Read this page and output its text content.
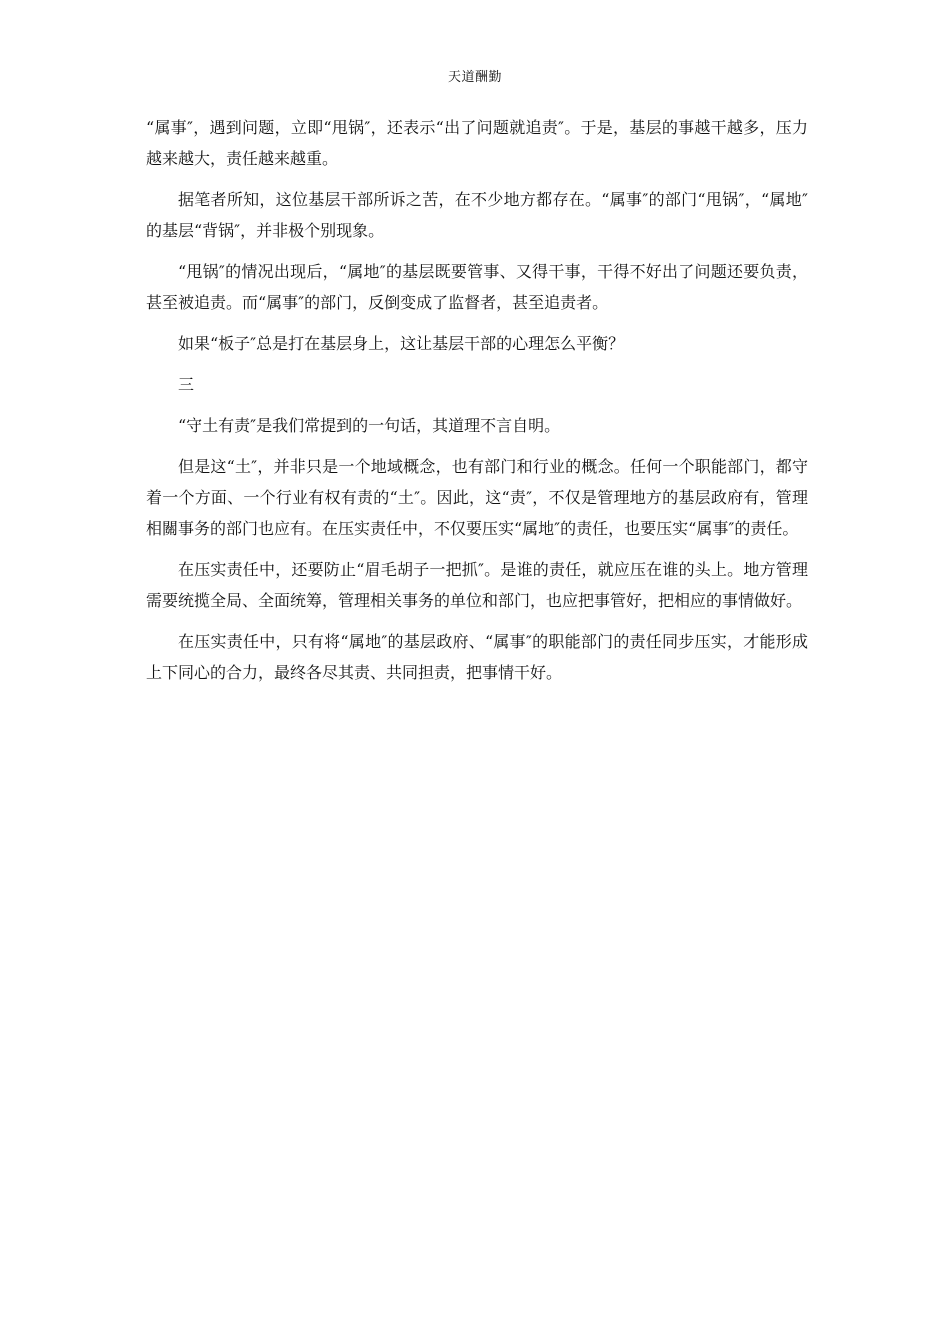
天道酬勤

“属事″，遇到问题，立即“甩锅″，还表示“出了问题就追责″。于是，基层的事越干越多，压力越来越大，责任越来越重。

据笔者所知，这位基层干部所诉之苦，在不少地方都存在。“属事″的部门“甩锅″，“属地″的基层“背锅″，并非极个别现象。

“甩锅″的情况出现后，“属地″的基层既要管事、又得干事，干得不好出了问题还要负责，甚至被追责。而“属事″的部门，反倒变成了监督者，甚至追责者。

如果“板子″总是打在基层身上，这让基层干部的心理怎么平衡？

三

“守土有责″是我们常提到的一句话，其道理不言自明。

但是这“土″，并非只是一个地域概念，也有部门和行业的概念。任何一个职能部门，都守着一个方面、一个行业有权有责的“土″。因此，这“责″，不仅是管理地方的基层政府有，管理相關事务的部门也应有。在压实责任中，不仅要压实“属地″的责任，也要压实“属事″的责任。

在压实责任中，还要防止“眉毛胡子一把抓″。是谁的责任，就应压在谁的头上。地方管理需要统揽全局、全面统筹，管理相关事务的单位和部门，也应把事管好，把相应的事情做好。

在压实责任中，只有将“属地″的基层政府、“属事″的职能部门的责任同步压实，才能形成上下同心的合力，最终各尽其责、共同担责，把事情干好。
